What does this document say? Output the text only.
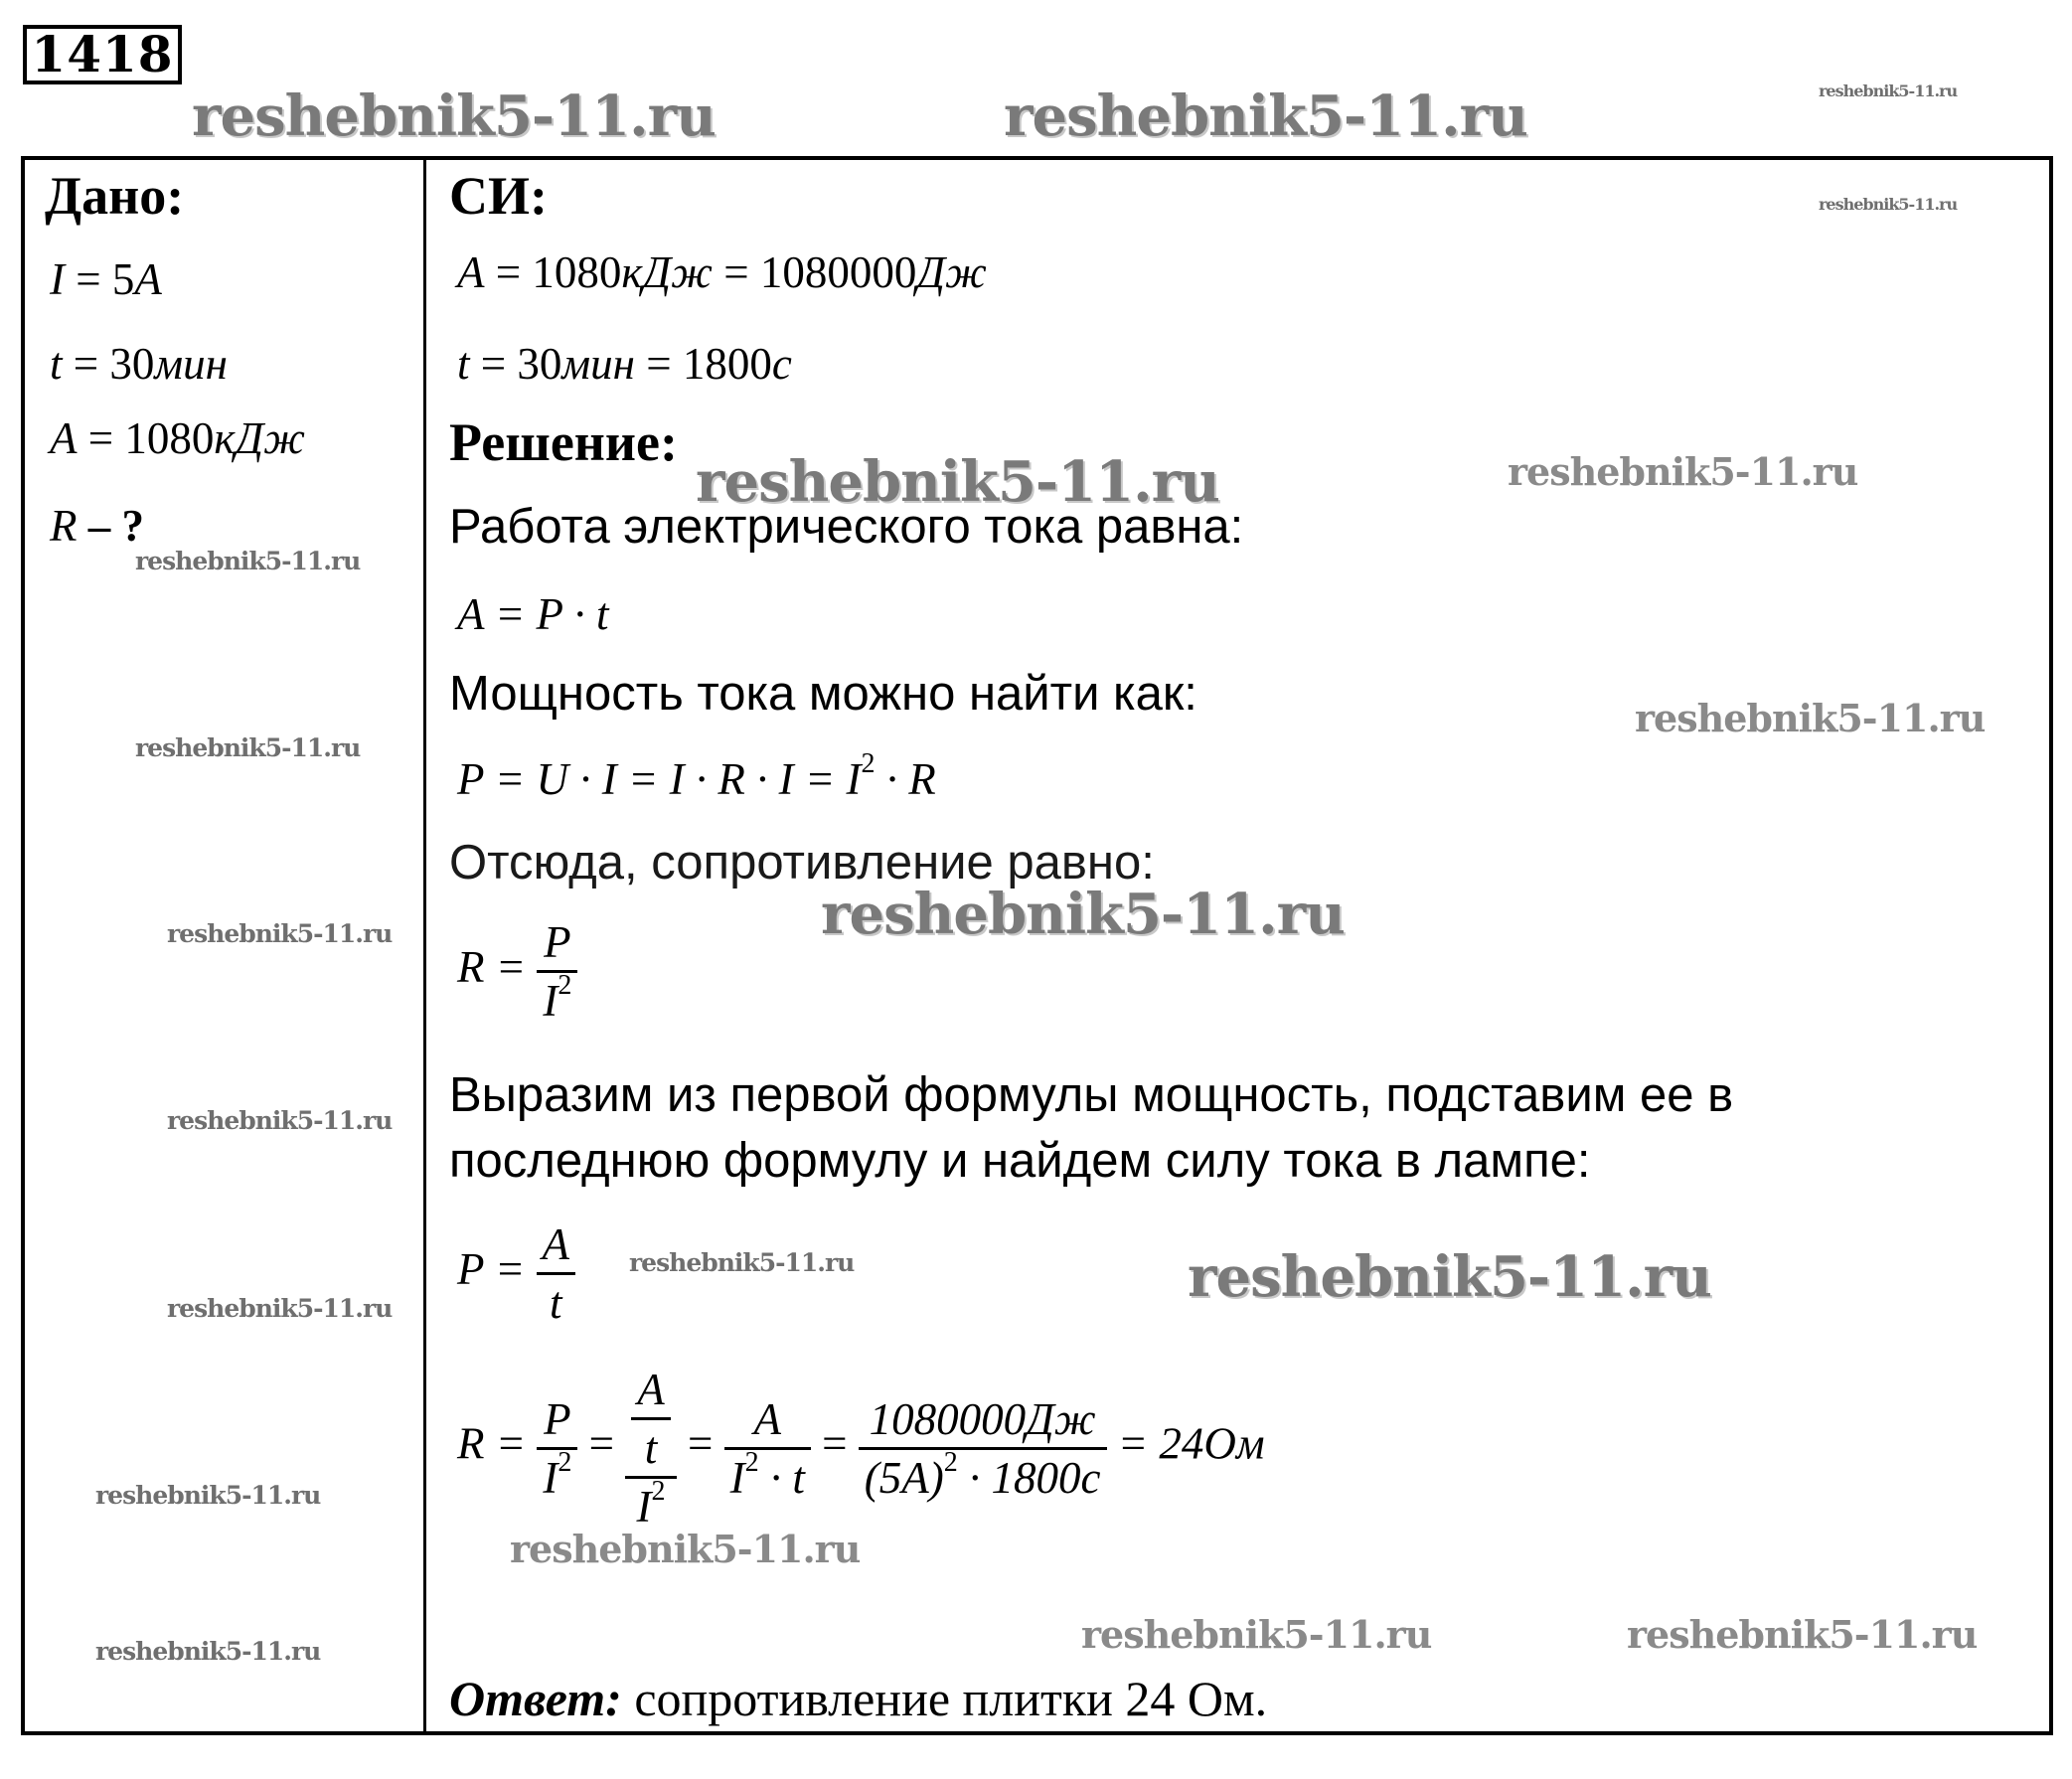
1418
reshebnik5-11.ru	reshebnik5-11.ru	reshebnik5-11.ru
reshebnik5-11.ru
reshebnik5-11.ru	reshebnik5-11.ru
reshebnik5-11.ru
reshebnik5-11.ru
reshebnik5-11.ru
reshebnik5-11.ru
reshebnik5-11.ru
reshebnik5-11.ru
reshebnik5-11.ru	reshebnik5-11.ru
reshebnik5-11.ru
reshebnik5-11.ru
reshebnik5-11.ru
reshebnik5-11.ru	reshebnik5-11.ru
reshebnik5-11.ru
Дано:
I = 5А
t = 30мин
A = 1080кДж
R – ?
СИ:
A = 1080кДж = 1080000Дж
t = 30мин = 1800с
Решение:
Работа электрического тока равна:
A = P · t
Мощность тока можно найти как:
$P = U \cdot I = I \cdot R \cdot I = I^2 \cdot R$
Отсюда, сопротивление равно:
$R = \frac{P}{I^2}$
Выразим из первой формулы мощность, подставим ее в
последнюю формулу и найдем силу тока в лампе:
$P = \frac{A}{t}$
$R = \frac{P}{I^2} = \frac{\frac{A}{t}}{I^2} = \frac{A}{I^2 \cdot t} = \frac{1080000Дж}{(5А)^2 \cdot 1800с} = 24Ом$
Ответ: сопротивление плитки 24 Ом.
